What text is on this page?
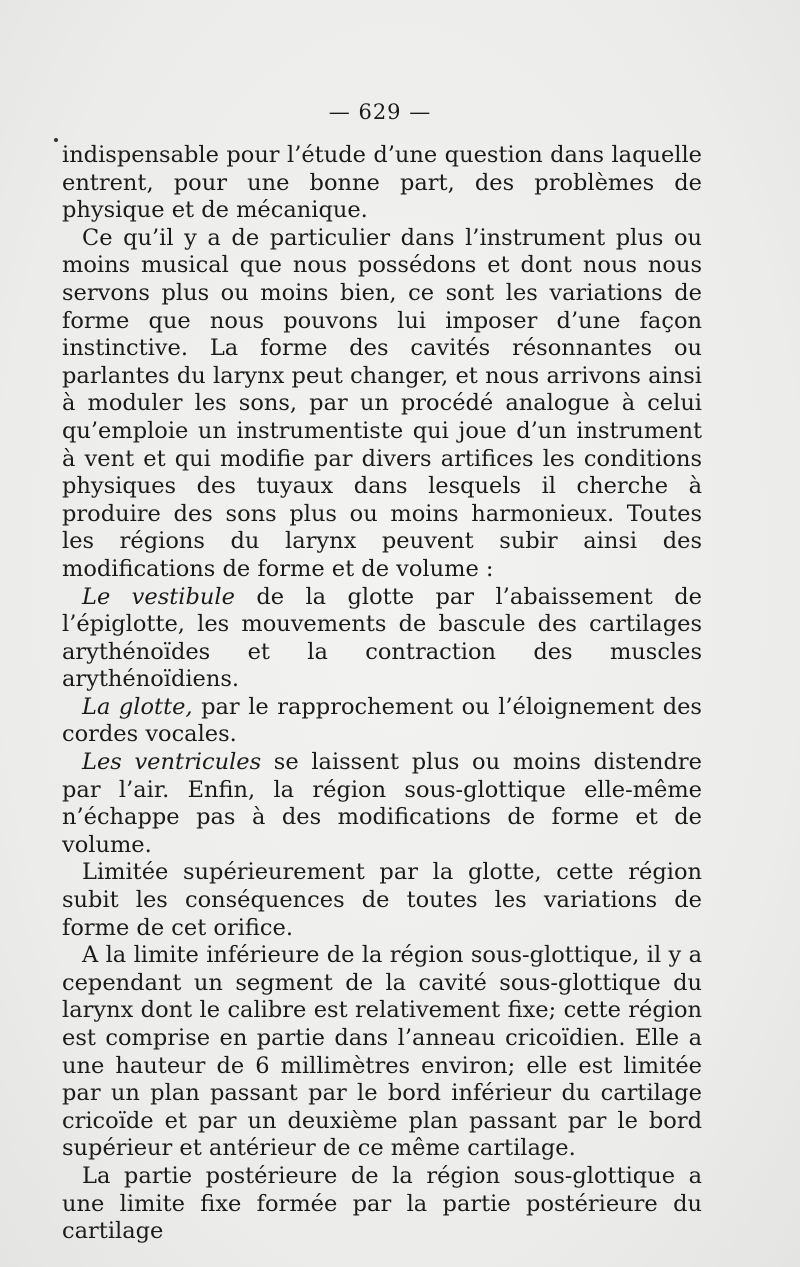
— 629 —

indispensable pour l’étude d’une question dans laquelle entrent, pour une bonne part, des problèmes de physique et de mécanique.

Ce qu’il y a de particulier dans l’instrument plus ou moins musical que nous possédons et dont nous nous servons plus ou moins bien, ce sont les variations de forme que nous pouvons lui imposer d’une façon instinctive. La forme des cavités résonnantes ou parlantes du larynx peut changer, et nous arrivons ainsi à moduler les sons, par un procédé analogue à celui qu’emploie un instrumentiste qui joue d’un instrument à vent et qui modifie par divers artifices les conditions physiques des tuyaux dans lesquels il cherche à produire des sons plus ou moins harmonieux. Toutes les régions du larynx peuvent subir ainsi des modifications de forme et de volume :

Le vestibule de la glotte par l’abaissement de l’épiglotte, les mouvements de bascule des cartilages arythénoïdes et la contraction des muscles arythénoïdiens.

La glotte, par le rapprochement ou l’éloignement des cordes vocales.

Les ventricules se laissent plus ou moins distendre par l’air. Enfin, la région sous-glottique elle-même n’échappe pas à des modifications de forme et de volume.

Limitée supérieurement par la glotte, cette région subit les conséquences de toutes les variations de forme de cet orifice.

A la limite inférieure de la région sous-glottique, il y a cependant un segment de la cavité sous-glottique du larynx dont le calibre est relativement fixe; cette région est comprise en partie dans l’anneau cricoïdien. Elle a une hauteur de 6 millimètres environ; elle est limitée par un plan passant par le bord inférieur du cartilage cricoïde et par un deuxième plan passant par le bord supérieur et antérieur de ce même cartilage.

La partie postérieure de la région sous-glottique a une limite fixe formée par la partie postérieure du cartilage
